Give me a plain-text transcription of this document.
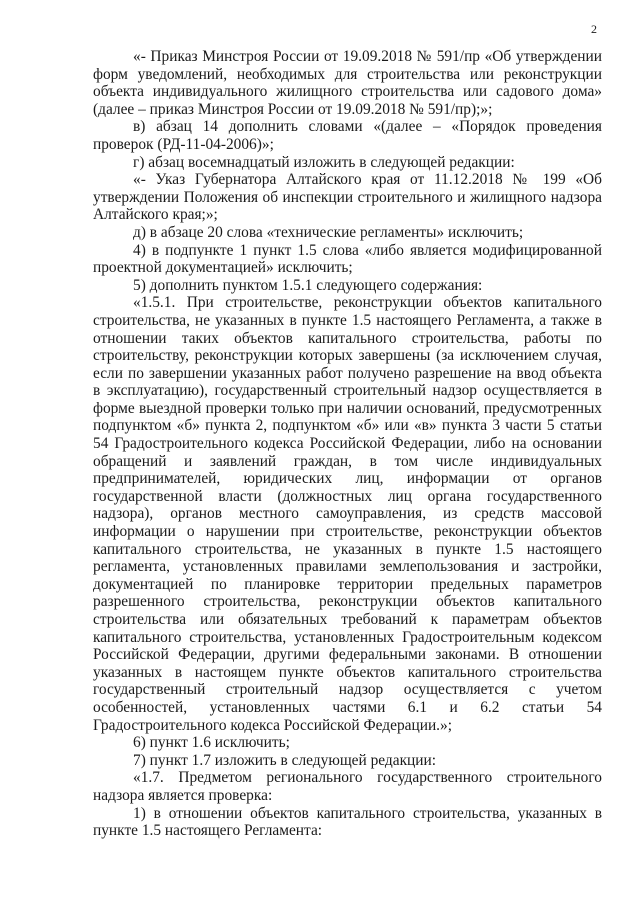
2

«- Приказ Минстроя России от 19.09.2018 № 591/пр «Об утверждении форм уведомлений, необходимых для строительства или реконструкции объекта индивидуального жилищного строительства или садового дома» (далее – приказ Минстроя России от 19.09.2018 № 591/пр);»;

в) абзац 14 дополнить словами «(далее – «Порядок проведения проверок (РД-11-04-2006)»;

г) абзац восемнадцатый изложить в следующей редакции:

«- Указ Губернатора Алтайского края от 11.12.2018 № 199 «Об утверждении Положения об инспекции строительного и жилищного надзора Алтайского края;»;

д) в абзаце 20 слова «технические регламенты» исключить;

4) в подпункте 1 пункт 1.5 слова «либо является модифицированной проектной документацией» исключить;

5) дополнить пунктом 1.5.1 следующего содержания:

«1.5.1. При строительстве, реконструкции объектов капитального строительства, не указанных в пункте 1.5 настоящего Регламента, а также в отношении таких объектов капитального строительства, работы по строительству, реконструкции которых завершены (за исключением случая, если по завершении указанных работ получено разрешение на ввод объекта в эксплуатацию), государственный строительный надзор осуществляется в форме выездной проверки только при наличии оснований, предусмотренных подпунктом «б» пункта 2, подпунктом «б» или «в» пункта 3 части 5 статьи 54 Градостроительного кодекса Российской Федерации, либо на основании обращений и заявлений граждан, в том числе индивидуальных предпринимателей, юридических лиц, информации от органов государственной власти (должностных лиц органа государственного надзора), органов местного самоуправления, из средств массовой информации о нарушении при строительстве, реконструкции объектов капитального строительства, не указанных в пункте 1.5 настоящего регламента, установленных правилами землепользования и застройки, документацией по планировке территории предельных параметров разрешенного строительства, реконструкции объектов капитального строительства или обязательных требований к параметрам объектов капитального строительства, установленных Градостроительным кодексом Российской Федерации, другими федеральными законами. В отношении указанных в настоящем пункте объектов капитального строительства государственный строительный надзор осуществляется с учетом особенностей, установленных частями 6.1 и 6.2 статьи 54 Градостроительного кодекса Российской Федерации.»;

6) пункт 1.6 исключить;

7) пункт 1.7 изложить в следующей редакции:

«1.7. Предметом регионального государственного строительного надзора является проверка:

1) в отношении объектов капитального строительства, указанных в пункте 1.5 настоящего Регламента:
